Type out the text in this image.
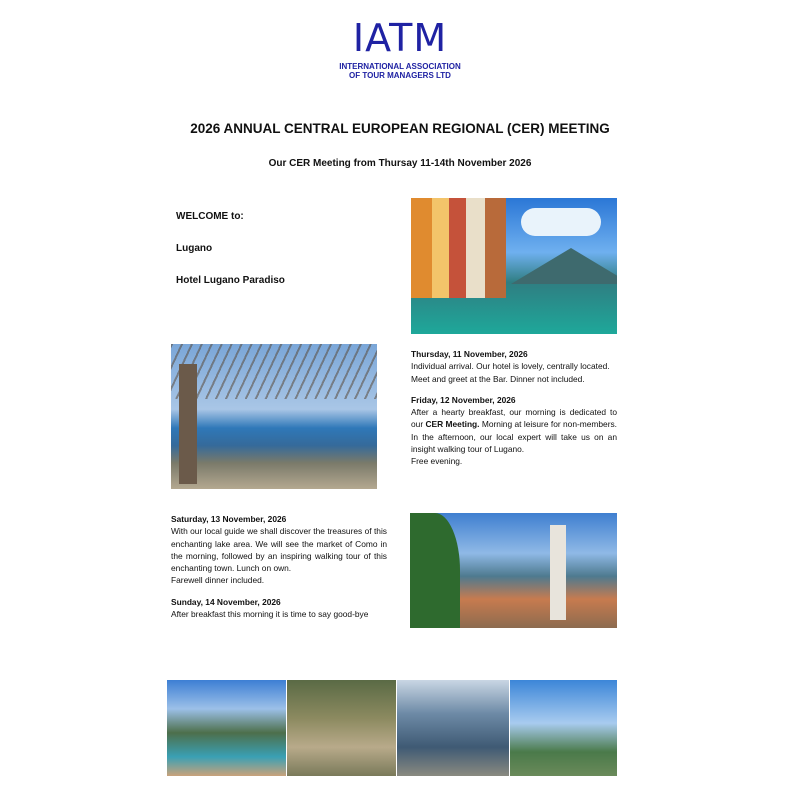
IATM
INTERNATIONAL ASSOCIATION
OF TOUR MANAGERS LTD
2026 ANNUAL CENTRAL EUROPEAN REGIONAL (CER) MEETING
Our CER Meeting from Thursay 11-14th November 2026
WELCOME to:
Lugano
Hotel Lugano Paradiso

Thursday, 11 November, 2026

Individual arrival. Our hotel is lovely, centrally located.

Meet and greet at the Bar. Dinner not included.

Friday, 12 November, 2026

After a hearty breakfast, our morning is dedicated to our CER Meeting. Morning at leisure for non-members. In the afternoon, our local expert will take us on an insight walking tour of Lugano.

Free evening.

Saturday, 13 November, 2026

With our local guide we shall discover the treasures of this enchanting lake area. We will see the market of Como in the morning, followed by an inspiring walking tour of this enchanting town. Lunch on own.

Farewell dinner included.

Sunday, 14 November, 2026

After breakfast this morning it is time to say good-bye
